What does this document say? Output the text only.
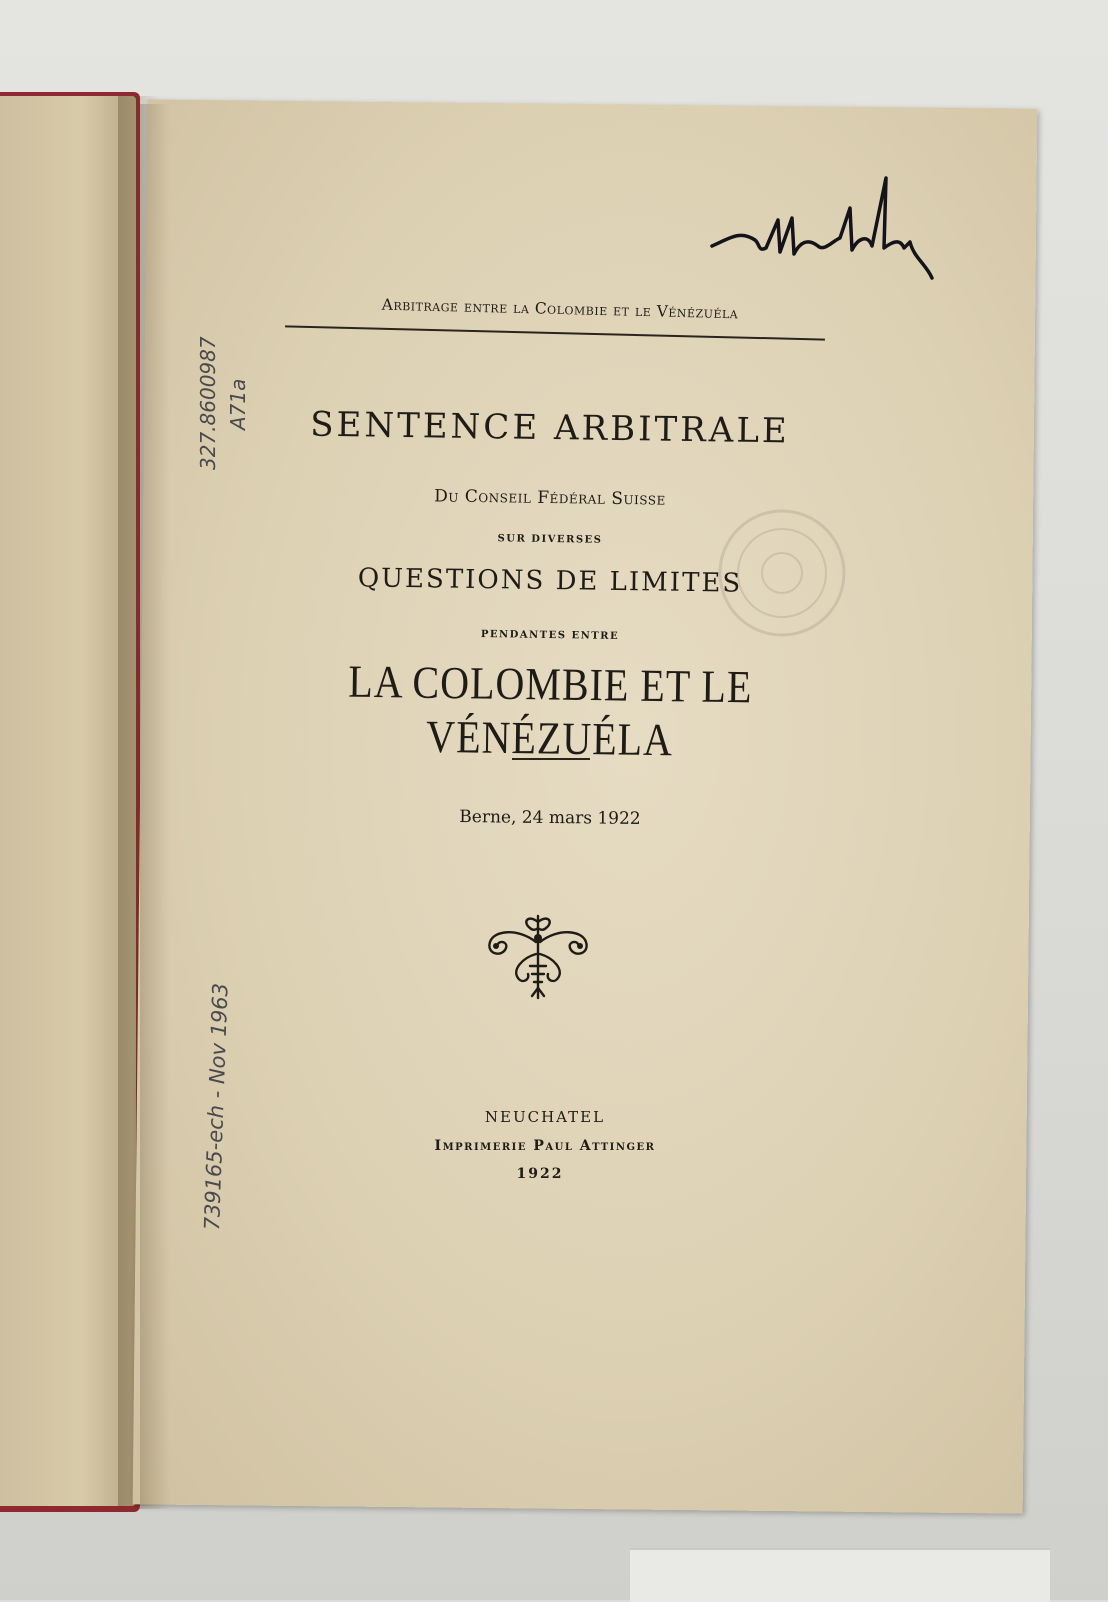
Arbitrage entre la Colombie et le Vénézuéla
SENTENCE ARBITRALE
Du Conseil Fédéral Suisse
SUR DIVERSES
QUESTIONS DE LIMITES
PENDANTES ENTRE
LA COLOMBIE ET LE VÉNÉZUÉLA
Berne, 24 mars 1922
NEUCHATEL
Imprimerie Paul Attinger
1922
327.8600987 A71a
739165-ech - Nov 1963
